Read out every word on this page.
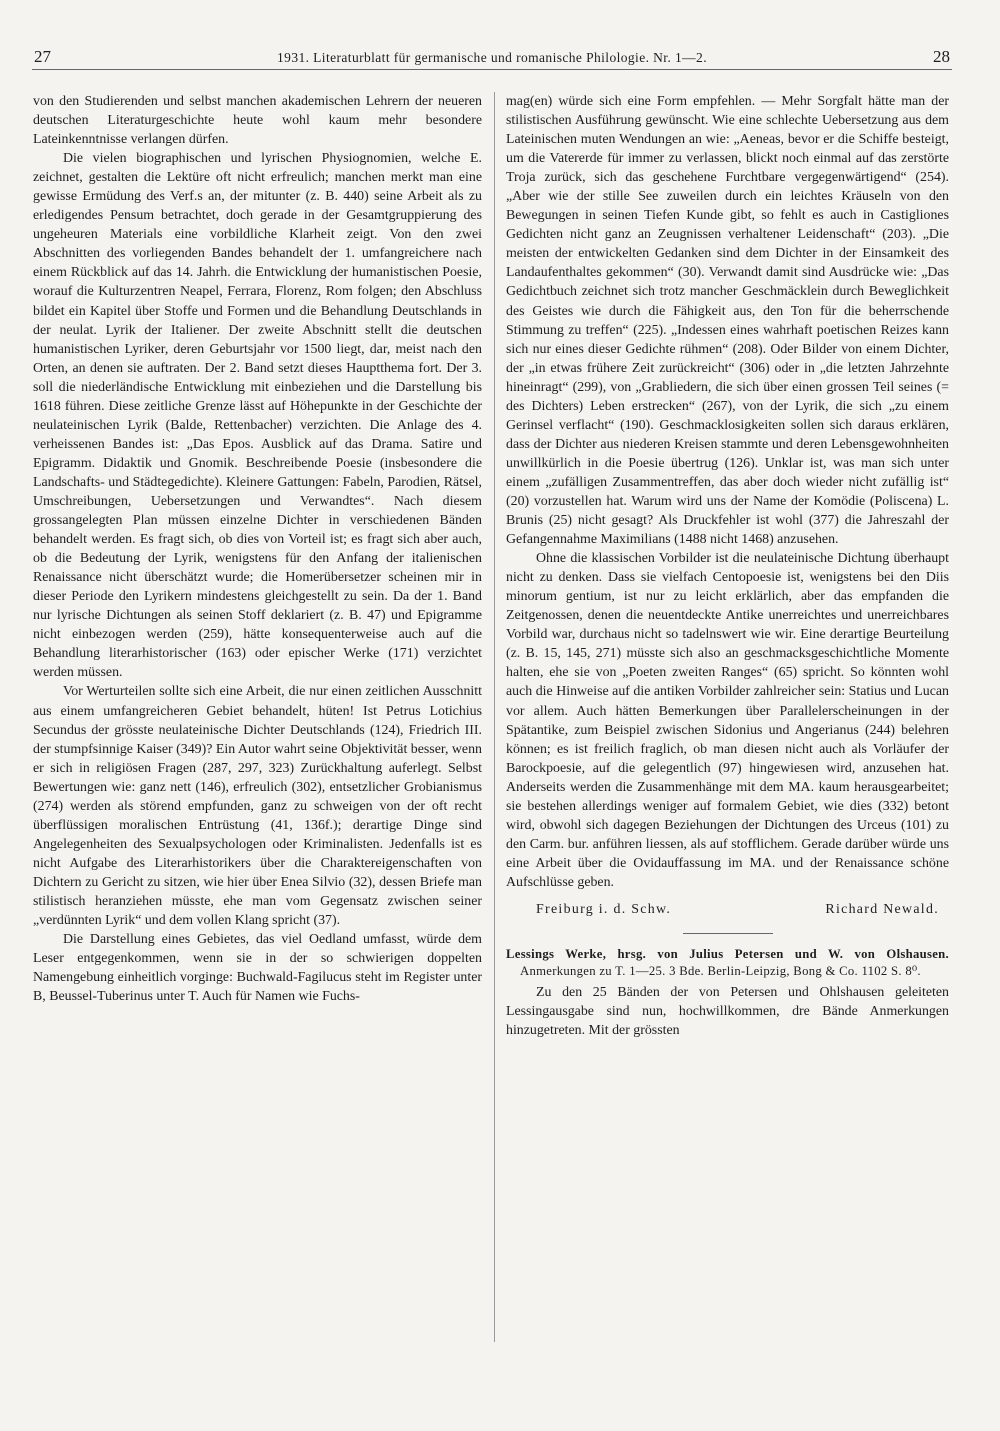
27	1931. Literaturblatt für germanische und romanische Philologie. Nr. 1—2.	28

von den Studierenden und selbst manchen akademischen Lehrern der neueren deutschen Literaturgeschichte heute wohl kaum mehr besondere Lateinkenntnisse verlangen dürfen.

Die vielen biographischen und lyrischen Physiognomien, welche E. zeichnet, gestalten die Lektüre oft nicht erfreulich; manchen merkt man eine gewisse Ermüdung des Verf.s an, der mitunter (z. B. 440) seine Arbeit als zu erledigendes Pensum betrachtet, doch gerade in der Gesamtgruppierung des ungeheuren Materials eine vorbildliche Klarheit zeigt. Von den zwei Abschnitten des vorliegenden Bandes behandelt der 1. umfangreichere nach einem Rückblick auf das 14. Jahrh. die Entwicklung der humanistischen Poesie, worauf die Kulturzentren Neapel, Ferrara, Florenz, Rom folgen; den Abschluss bildet ein Kapitel über Stoffe und Formen und die Behandlung Deutschlands in der neulat. Lyrik der Italiener. Der zweite Abschnitt stellt die deutschen humanistischen Lyriker, deren Geburtsjahr vor 1500 liegt, dar, meist nach den Orten, an denen sie auftraten. Der 2. Band setzt dieses Hauptthema fort. Der 3. soll die niederländische Entwicklung mit einbeziehen und die Darstellung bis 1618 führen. Diese zeitliche Grenze lässt auf Höhepunkte in der Geschichte der neulateinischen Lyrik (Balde, Rettenbacher) verzichten. Die Anlage des 4. verheissenen Bandes ist: „Das Epos. Ausblick auf das Drama. Satire und Epigramm. Didaktik und Gnomik. Beschreibende Poesie (insbesondere die Landschafts- und Städtegedichte). Kleinere Gattungen: Fabeln, Parodien, Rätsel, Umschreibungen, Uebersetzungen und Verwandtes“. Nach diesem grossangelegten Plan müssen einzelne Dichter in verschiedenen Bänden behandelt werden. Es fragt sich, ob dies von Vorteil ist; es fragt sich aber auch, ob die Bedeutung der Lyrik, wenigstens für den Anfang der italienischen Renaissance nicht überschätzt wurde; die Homerübersetzer scheinen mir in dieser Periode den Lyrikern mindestens gleichgestellt zu sein. Da der 1. Band nur lyrische Dichtungen als seinen Stoff deklariert (z. B. 47) und Epigramme nicht einbezogen werden (259), hätte konsequenterweise auch auf die Behandlung literarhistorischer (163) oder epischer Werke (171) verzichtet werden müssen.

Vor Werturteilen sollte sich eine Arbeit, die nur einen zeitlichen Ausschnitt aus einem umfangreicheren Gebiet behandelt, hüten! Ist Petrus Lotichius Secundus der grösste neulateinische Dichter Deutschlands (124), Friedrich III. der stumpfsinnige Kaiser (349)? Ein Autor wahrt seine Objektivität besser, wenn er sich in religiösen Fragen (287, 297, 323) Zurückhaltung auferlegt. Selbst Bewertungen wie: ganz nett (146), erfreulich (302), entsetzlicher Grobianismus (274) werden als störend empfunden, ganz zu schweigen von der oft recht überflüssigen moralischen Entrüstung (41, 136f.); derartige Dinge sind Angelegenheiten des Sexualpsychologen oder Kriminalisten. Jedenfalls ist es nicht Aufgabe des Literarhistorikers über die Charaktereigenschaften von Dichtern zu Gericht zu sitzen, wie hier über Enea Silvio (32), dessen Briefe man stilistisch heranziehen müsste, ehe man vom Gegensatz zwischen seiner „verdünnten Lyrik“ und dem vollen Klang spricht (37).

Die Darstellung eines Gebietes, das viel Oedland umfasst, würde dem Leser entgegenkommen, wenn sie in der so schwierigen doppelten Namengebung einheitlich vorginge: Buchwald-Fagilucus steht im Register unter B, Beussel-Tuberinus unter T. Auch für Namen wie Fuchs-

mag(en) würde sich eine Form empfehlen. — Mehr Sorgfalt hätte man der stilistischen Ausführung gewünscht. Wie eine schlechte Uebersetzung aus dem Lateinischen muten Wendungen an wie: „Aeneas, bevor er die Schiffe besteigt, um die Vatererde für immer zu verlassen, blickt noch einmal auf das zerstörte Troja zurück, sich das geschehene Furchtbare vergegenwärtigend“ (254). „Aber wie der stille See zuweilen durch ein leichtes Kräuseln von den Bewegungen in seinen Tiefen Kunde gibt, so fehlt es auch in Castigliones Gedichten nicht ganz an Zeugnissen verhaltener Leidenschaft“ (203). „Die meisten der entwickelten Gedanken sind dem Dichter in der Einsamkeit des Landaufenthaltes gekommen“ (30). Verwandt damit sind Ausdrücke wie: „Das Gedichtbuch zeichnet sich trotz mancher Geschmäcklein durch Beweglichkeit des Geistes wie durch die Fähigkeit aus, den Ton für die beherrschende Stimmung zu treffen“ (225). „Indessen eines wahrhaft poetischen Reizes kann sich nur eines dieser Gedichte rühmen“ (208). Oder Bilder von einem Dichter, der „in etwas frühere Zeit zurückreicht“ (306) oder in „die letzten Jahrzehnte hineinragt“ (299), von „Grabliedern, die sich über einen grossen Teil seines (= des Dichters) Leben erstrecken“ (267), von der Lyrik, die sich „zu einem Gerinsel verflacht“ (190). Geschmacklosigkeiten sollen sich daraus erklären, dass der Dichter aus niederen Kreisen stammte und deren Lebensgewohnheiten unwillkürlich in die Poesie übertrug (126). Unklar ist, was man sich unter einem „zufälligen Zusammentreffen, das aber doch wieder nicht zufällig ist“ (20) vorzustellen hat. Warum wird uns der Name der Komödie (Poliscena) L. Brunis (25) nicht gesagt? Als Druckfehler ist wohl (377) die Jahreszahl der Gefangennahme Maximilians (1488 nicht 1468) anzusehen.

Ohne die klassischen Vorbilder ist die neulateinische Dichtung überhaupt nicht zu denken. Dass sie vielfach Centopoesie ist, wenigstens bei den Diis minorum gentium, ist nur zu leicht erklärlich, aber das empfanden die Zeitgenossen, denen die neuentdeckte Antike unerreichtes und unerreichbares Vorbild war, durchaus nicht so tadelnswert wie wir. Eine derartige Beurteilung (z. B. 15, 145, 271) müsste sich also an geschmacksgeschichtliche Momente halten, ehe sie von „Poeten zweiten Ranges“ (65) spricht. So könnten wohl auch die Hinweise auf die antiken Vorbilder zahlreicher sein: Statius und Lucan vor allem. Auch hätten Bemerkungen über Parallelerscheinungen in der Spätantike, zum Beispiel zwischen Sidonius und Angerianus (244) belehren können; es ist freilich fraglich, ob man diesen nicht auch als Vorläufer der Barockpoesie, auf die gelegentlich (97) hingewiesen wird, anzusehen hat. Anderseits werden die Zusammenhänge mit dem MA. kaum herausgearbeitet; sie bestehen allerdings weniger auf formalem Gebiet, wie dies (332) betont wird, obwohl sich dagegen Beziehungen der Dichtungen des Urceus (101) zu den Carm. bur. anführen liessen, als auf stofflichem. Gerade darüber würde uns eine Arbeit über die Ovidauffassung im MA. und der Renaissance schöne Aufschlüsse geben.

Freiburg i. d. Schw.	Richard Newald.

Lessings Werke, hrsg. von Julius Petersen und W. von Olshausen. Anmerkungen zu T. 1—25. 3 Bde. Berlin-Leipzig, Bong & Co. 1102 S. 8⁰.

Zu den 25 Bänden der von Petersen und Ohlshausen geleiteten Lessingausgabe sind nun, hochwillkommen, dre Bände Anmerkungen hinzugetreten. Mit der grössten
